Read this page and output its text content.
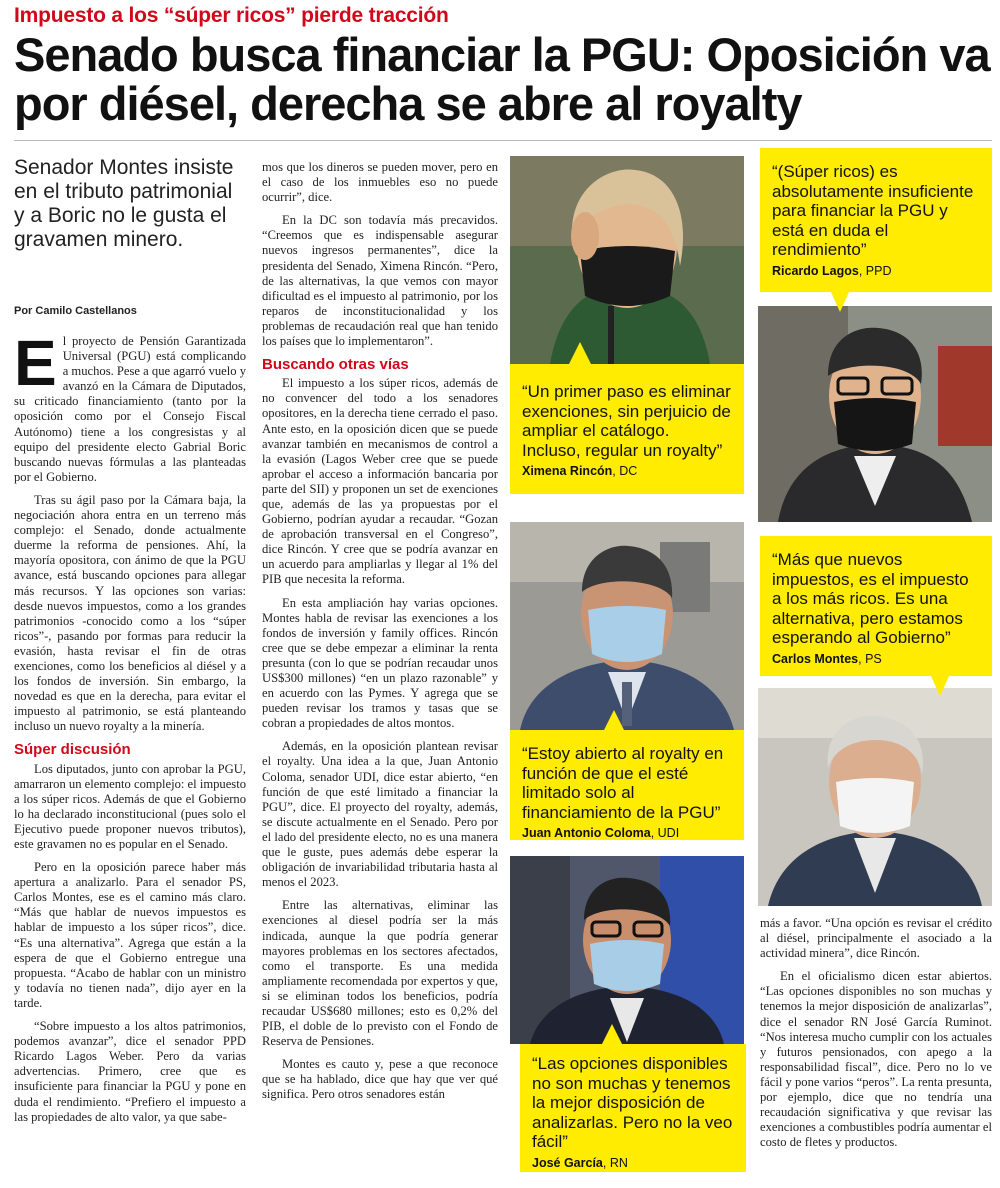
Impuesto a los “súper ricos” pierde tracción
Senado busca financiar la PGU: Oposición va por diésel, derecha se abre al royalty
Senador Montes insiste en el tributo patrimonial y a Boric no le gusta el gravamen minero.
Por Camilo Castellanos

El proyecto de Pensión Garantizada Universal (PGU) está complicando a muchos. Pese a que agarró vuelo y avanzó en la Cámara de Diputados, su criticado financiamiento (tanto por la oposición como por el Consejo Fiscal Autónomo) tiene a los congresistas y al equipo del presidente electo Gabrial Boric buscando nuevas fórmulas a las planteadas por el Gobierno.

Tras su ágil paso por la Cámara baja, la negociación ahora entra en un terreno más complejo: el Senado, donde actualmente duerme la reforma de pensiones. Ahí, la mayoría opositora, con ánimo de que la PGU avance, está buscando opciones para allegar más recursos. Y las opciones son varias: desde nuevos impuestos, como a los grandes patrimonios -conocido como a los “súper ricos”-, pasando por formas para reducir la evasión, hasta revisar el fin de otras exenciones, como los beneficios al diésel y a los fondos de inversión. Sin embargo, la novedad es que en la derecha, para evitar el impuesto al patrimonio, se está planteando incluso un nuevo royalty a la minería.

Súper discusión

Los diputados, junto con aprobar la PGU, amarraron un elemento complejo: el impuesto a los súper ricos. Además de que el Gobierno lo ha declarado inconstitucional (pues solo el Ejecutivo puede proponer nuevos tributos), este gravamen no es popular en el Senado.

Pero en la oposición parece haber más apertura a analizarlo. Para el senador PS, Carlos Montes, ese es el camino más claro. “Más que hablar de nuevos impuestos es hablar de impuesto a los súper ricos”, dice. “Es una alternativa”. Agrega que están a la espera de que el Gobierno entregue una propuesta. “Acabo de hablar con un ministro y todavía no tienen nada”, dijo ayer en la tarde.

“Sobre impuesto a los altos patrimonios, podemos avanzar”, dice el senador PPD Ricardo Lagos Weber. Pero da varias advertencias. Primero, cree que es insuficiente para financiar la PGU y pone en duda el rendimiento. “Prefiero el impuesto a las propiedades de alto valor, ya que sabe-

mos que los dineros se pueden mover, pero en el caso de los inmuebles eso no puede ocurrir”, dice.

En la DC son todavía más precavidos. “Creemos que es indispensable asegurar nuevos ingresos permanentes”, dice la presidenta del Senado, Ximena Rincón. “Pero, de las alternativas, la que vemos con mayor dificultad es el impuesto al patrimonio, por los reparos de inconstitucionalidad y los problemas de recaudación real que han tenido los países que lo implementaron”.

Buscando otras vías

El impuesto a los súper ricos, además de no convencer del todo a los senadores opositores, en la derecha tiene cerrado el paso. Ante esto, en la oposición dicen que se puede avanzar también en mecanismos de control a la evasión (Lagos Weber cree que se puede aprobar el acceso a información bancaria por parte del SII) y proponen un set de exenciones que, además de las ya propuestas por el Gobierno, podrían ayudar a recaudar. “Gozan de aprobación transversal en el Congreso”, dice Rincón. Y cree que se podría avanzar en un acuerdo para ampliarlas y llegar al 1% del PIB que necesita la reforma.

En esta ampliación hay varias opciones. Montes habla de revisar las exenciones a los fondos de inversión y family offices. Rincón cree que se debe empezar a eliminar la renta presunta (con lo que se podrían recaudar unos US$300 millones) “en un plazo razonable” y en acuerdo con las Pymes. Y agrega que se pueden revisar los tramos y tasas que se cobran a propiedades de altos montos.

Además, en la oposición plantean revisar el royalty. Una idea a la que, Juan Antonio Coloma, senador UDI, dice estar abierto, “en función de que esté limitado a financiar la PGU”, dice. El proyecto del royalty, además, se discute actualmente en el Senado. Pero por el lado del presidente electo, no es una manera que le guste, pues además debe esperar la obligación de invariabilidad tributaria hasta al menos el 2023.

Entre las alternativas, eliminar las exenciones al diesel podría ser la más indicada, aunque la que podría generar mayores problemas en los sectores afectados, como el transporte. Es una medida ampliamente recomendada por expertos y que, si se eliminan todos los beneficios, podría recaudar US$680 millones; esto es 0,2% del PIB, el doble de lo previsto con el Fondo de Reserva de Pensiones.

Montes es cauto y, pese a que reconoce que se ha hablado, dice que hay que ver qué significa. Pero otros senadores están

más a favor. “Una opción es revisar el crédito al diésel, principalmente el asociado a la actividad minera”, dice Rincón.

En el oficialismo dicen estar abiertos. “Las opciones disponibles no son muchas y tenemos la mejor disposición de analizarlas”, dice el senador RN José García Ruminot. “Nos interesa mucho cumplir con los actuales y futuros pensionados, con apego a la responsabilidad fiscal”, dice. Pero no lo ve fácil y pone varios “peros”. La renta presunta, por ejemplo, dice que no tendría una recaudación significativa y que revisar las exenciones a combustibles podría aumentar el costo de fletes y productos.

“(Súper ricos) es absolutamente insuficiente para financiar la PGU y está en duda el rendimiento”
Ricardo Lagos, PPD
“Un primer paso es eliminar exenciones, sin perjuicio de ampliar el catálogo. Incluso, regular un royalty”
Ximena Rincón, DC
“Más que nuevos impuestos, es el impuesto a los más ricos. Es una alternativa, pero estamos esperando al Gobierno”
Carlos Montes, PS
“Estoy abierto al royalty en función de que el esté limitado solo al financiamiento de la PGU”
Juan Antonio Coloma, UDI
“Las opciones disponibles no son muchas y tenemos la mejor disposición de analizarlas. Pero no la veo fácil”
José García, RN
